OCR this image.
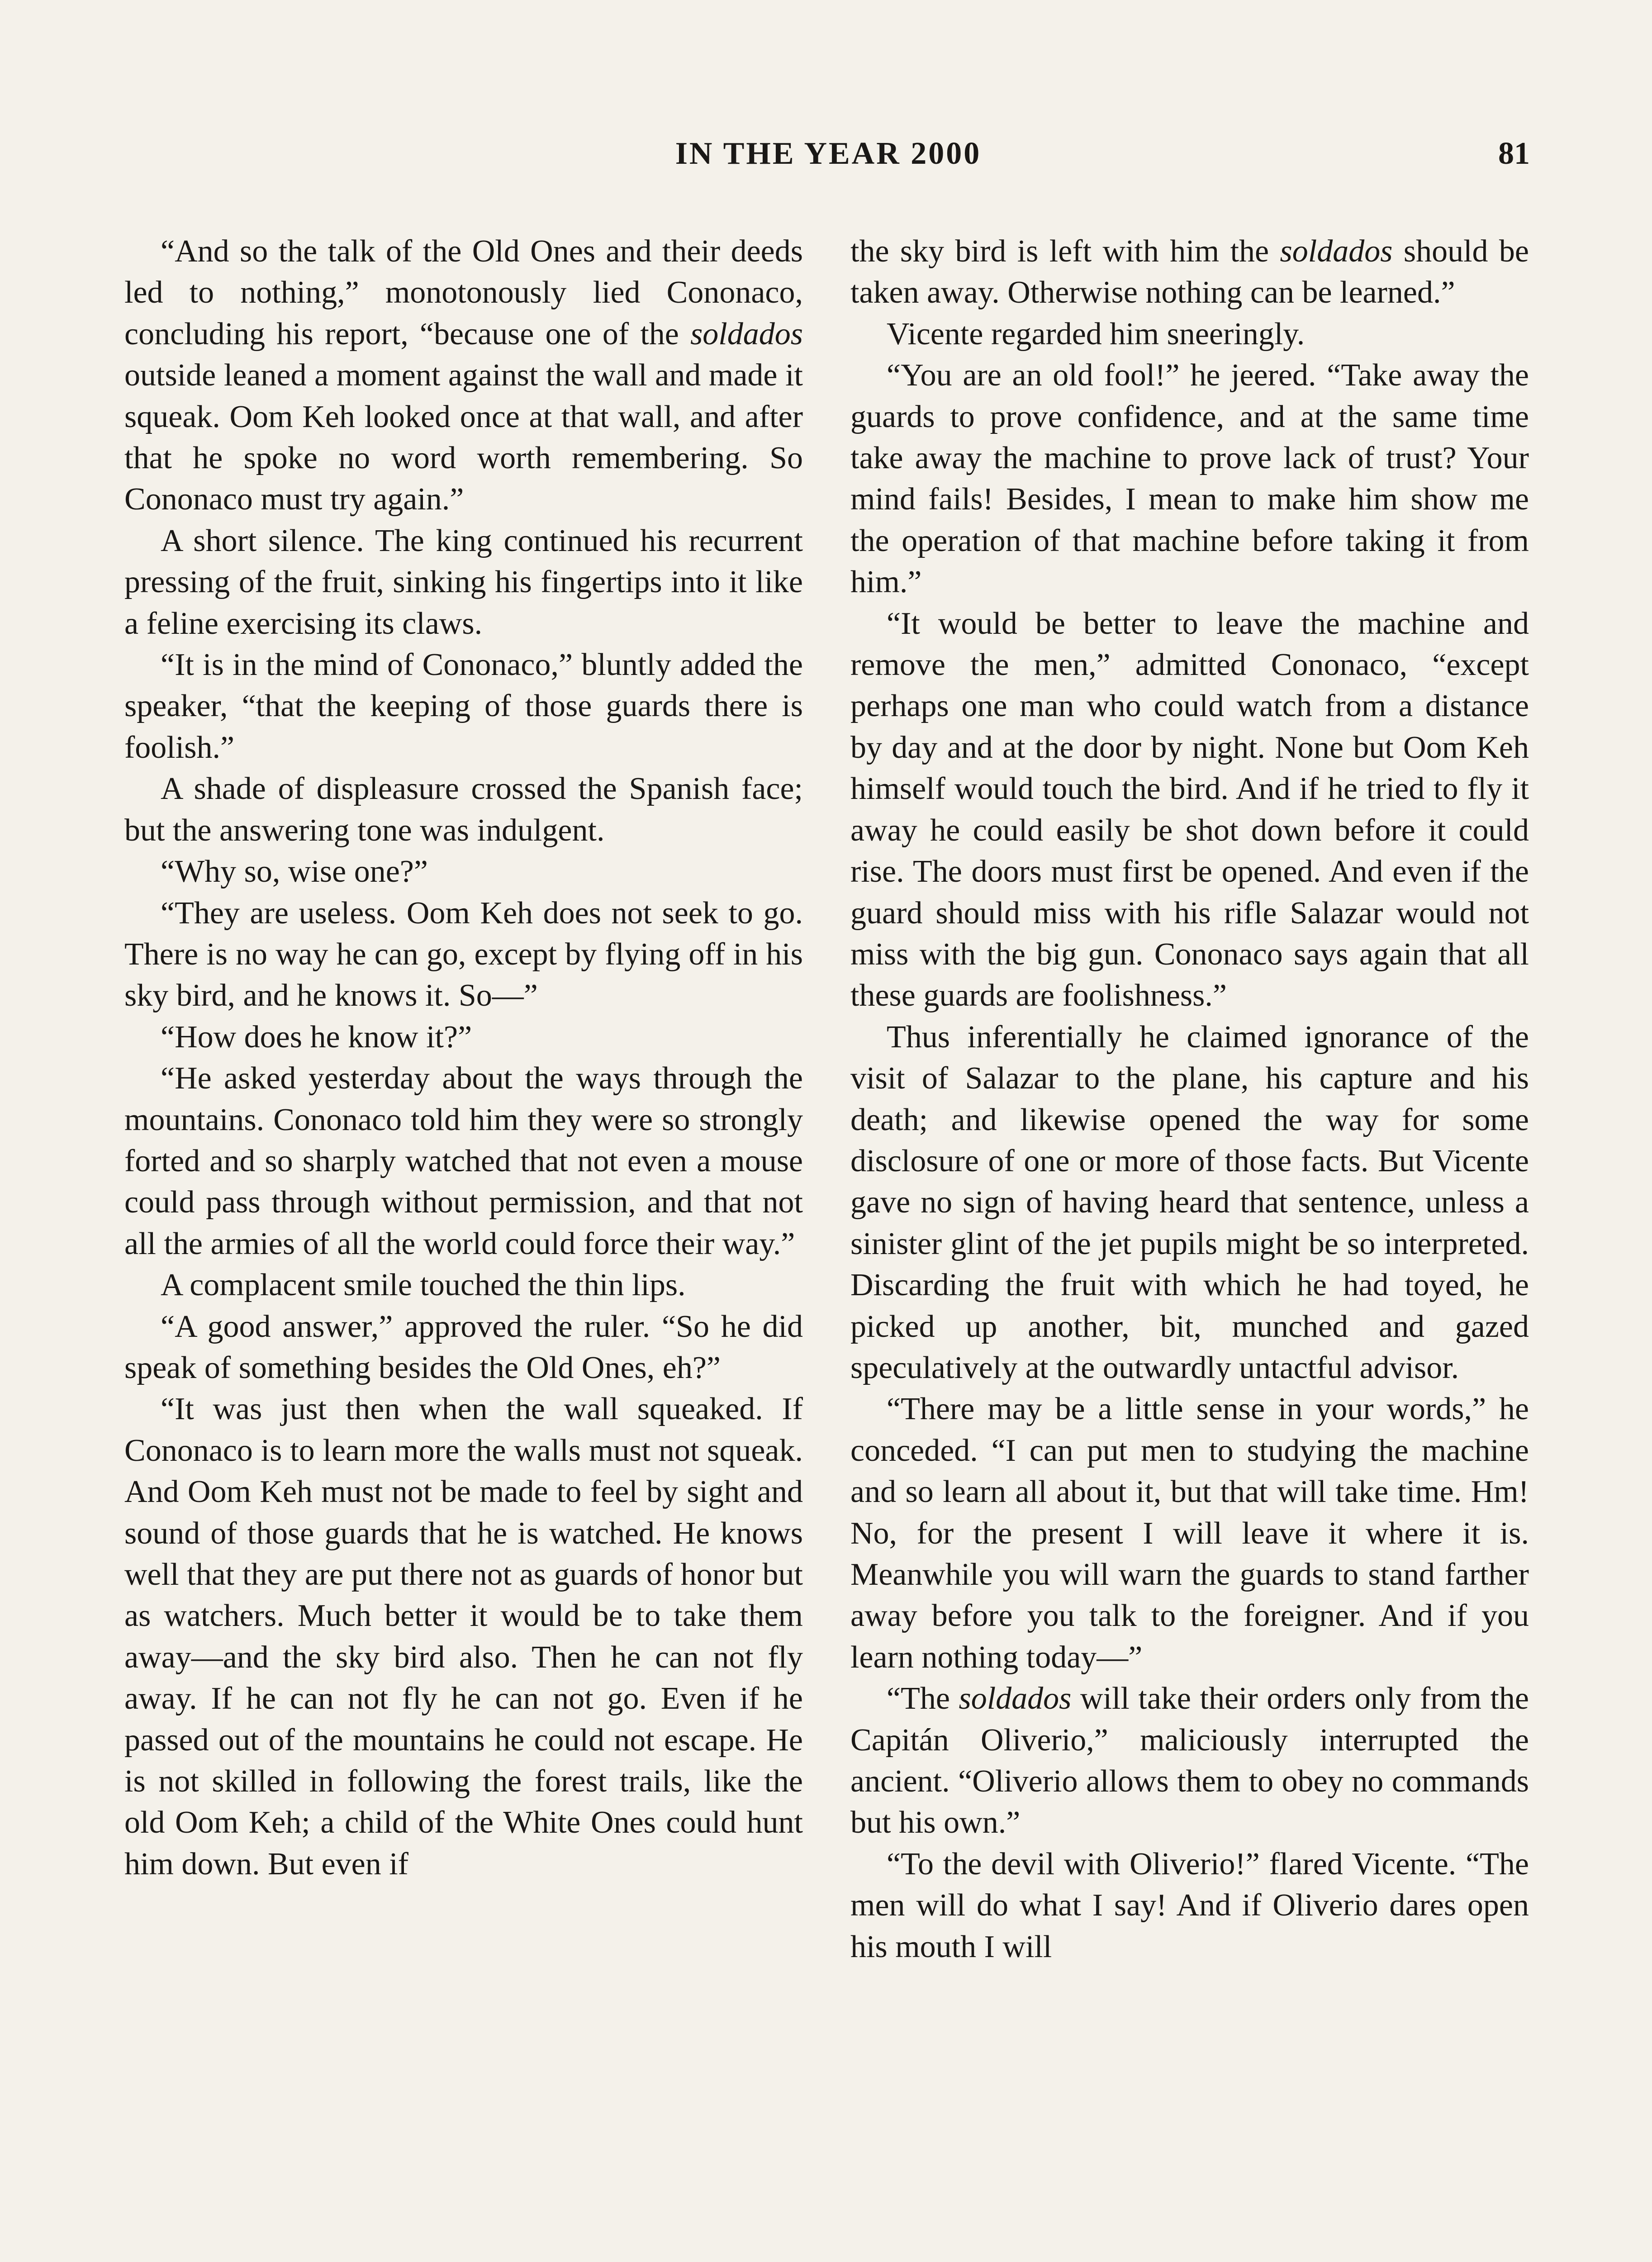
IN THE YEAR 2000	81

“And so the talk of the Old Ones and their deeds led to nothing,” monotonously lied Cononaco, concluding his report, “because one of the soldados outside leaned a moment against the wall and made it squeak. Oom Keh looked once at that wall, and after that he spoke no word worth remembering. So Cononaco must try again.”

A short silence. The king continued his recurrent pressing of the fruit, sinking his fingertips into it like a feline exercising its claws.

“It is in the mind of Cononaco,” bluntly added the speaker, “that the keeping of those guards there is foolish.”

A shade of displeasure crossed the Spanish face; but the answering tone was indulgent.

“Why so, wise one?”

“They are useless. Oom Keh does not seek to go. There is no way he can go, except by flying off in his sky bird, and he knows it. So—”

“How does he know it?”

“He asked yesterday about the ways through the mountains. Cononaco told him they were so strongly forted and so sharply watched that not even a mouse could pass through without permission, and that not all the armies of all the world could force their way.”

A complacent smile touched the thin lips.

“A good answer,” approved the ruler. “So he did speak of something besides the Old Ones, eh?”

“It was just then when the wall squeaked. If Cononaco is to learn more the walls must not squeak. And Oom Keh must not be made to feel by sight and sound of those guards that he is watched. He knows well that they are put there not as guards of honor but as watchers. Much better it would be to take them away—and the sky bird also. Then he can not fly away. If he can not fly he can not go. Even if he passed out of the mountains he could not escape. He is not skilled in following the forest trails, like the old Oom Keh; a child of the White Ones could hunt him down. But even if

the sky bird is left with him the soldados should be taken away. Otherwise nothing can be learned.”

Vicente regarded him sneeringly.

“You are an old fool!” he jeered. “Take away the guards to prove confidence, and at the same time take away the machine to prove lack of trust? Your mind fails! Besides, I mean to make him show me the operation of that machine before taking it from him.”

“It would be better to leave the machine and remove the men,” admitted Cononaco, “except perhaps one man who could watch from a distance by day and at the door by night. None but Oom Keh himself would touch the bird. And if he tried to fly it away he could easily be shot down before it could rise. The doors must first be opened. And even if the guard should miss with his rifle Salazar would not miss with the big gun. Cononaco says again that all these guards are foolishness.”

Thus inferentially he claimed ignorance of the visit of Salazar to the plane, his capture and his death; and likewise opened the way for some disclosure of one or more of those facts. But Vicente gave no sign of having heard that sentence, unless a sinister glint of the jet pupils might be so interpreted. Discarding the fruit with which he had toyed, he picked up another, bit, munched and gazed speculatively at the outwardly untactful advisor.

“There may be a little sense in your words,” he conceded. “I can put men to studying the machine and so learn all about it, but that will take time. Hm! No, for the present I will leave it where it is. Meanwhile you will warn the guards to stand farther away before you talk to the foreigner. And if you learn nothing today—”

“The soldados will take their orders only from the Capitán Oliverio,” maliciously interrupted the ancient. “Oliverio allows them to obey no commands but his own.”

“To the devil with Oliverio!” flared Vicente. “The men will do what I say! And if Oliverio dares open his mouth I will
